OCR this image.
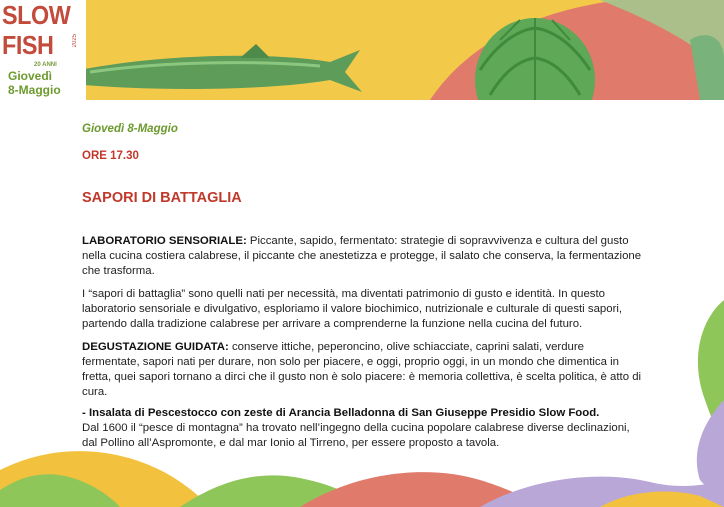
SLOW
FISH	2025
20 ANNI
Giovedì
8-Maggio
Giovedì 8-Maggio
ORE 17.30
SAPORI DI BATTAGLIA

LABORATORIO SENSORIALE: Piccante, sapido, fermentato: strategie di sopravvivenza e cultura del gusto nella cucina costiera calabrese, il piccante che anestetizza e protegge, il salato che conserva, la fermentazione che trasforma.

I “sapori di battaglia” sono quelli nati per necessità, ma diventati patrimonio di gusto e identità. In questo laboratorio sensoriale e divulgativo, esploriamo il valore biochimico, nutrizionale e culturale di questi sapori, partendo dalla tradizione calabrese per arrivare a comprenderne la funzione nella cucina del futuro.

DEGUSTAZIONE GUIDATA: conserve ittiche, peperoncino, olive schiacciate, caprini salati, verdure fermentate, sapori nati per durare, non solo per piacere, e oggi, proprio oggi, in un mondo che dimentica in fretta, quei sapori tornano a dirci che il gusto non è solo piacere: è memoria collettiva, è scelta politica, è atto di cura.

- Insalata di Pescestocco con zeste di Arancia Belladonna di San Giuseppe Presidio Slow Food.
Dal 1600 il “pesce di montagna” ha trovato nell’ingegno della cucina popolare calabrese diverse declinazioni, dal Pollino all’Aspromonte, e dal mar Ionio al Tirreno, per essere proposto a tavola.
